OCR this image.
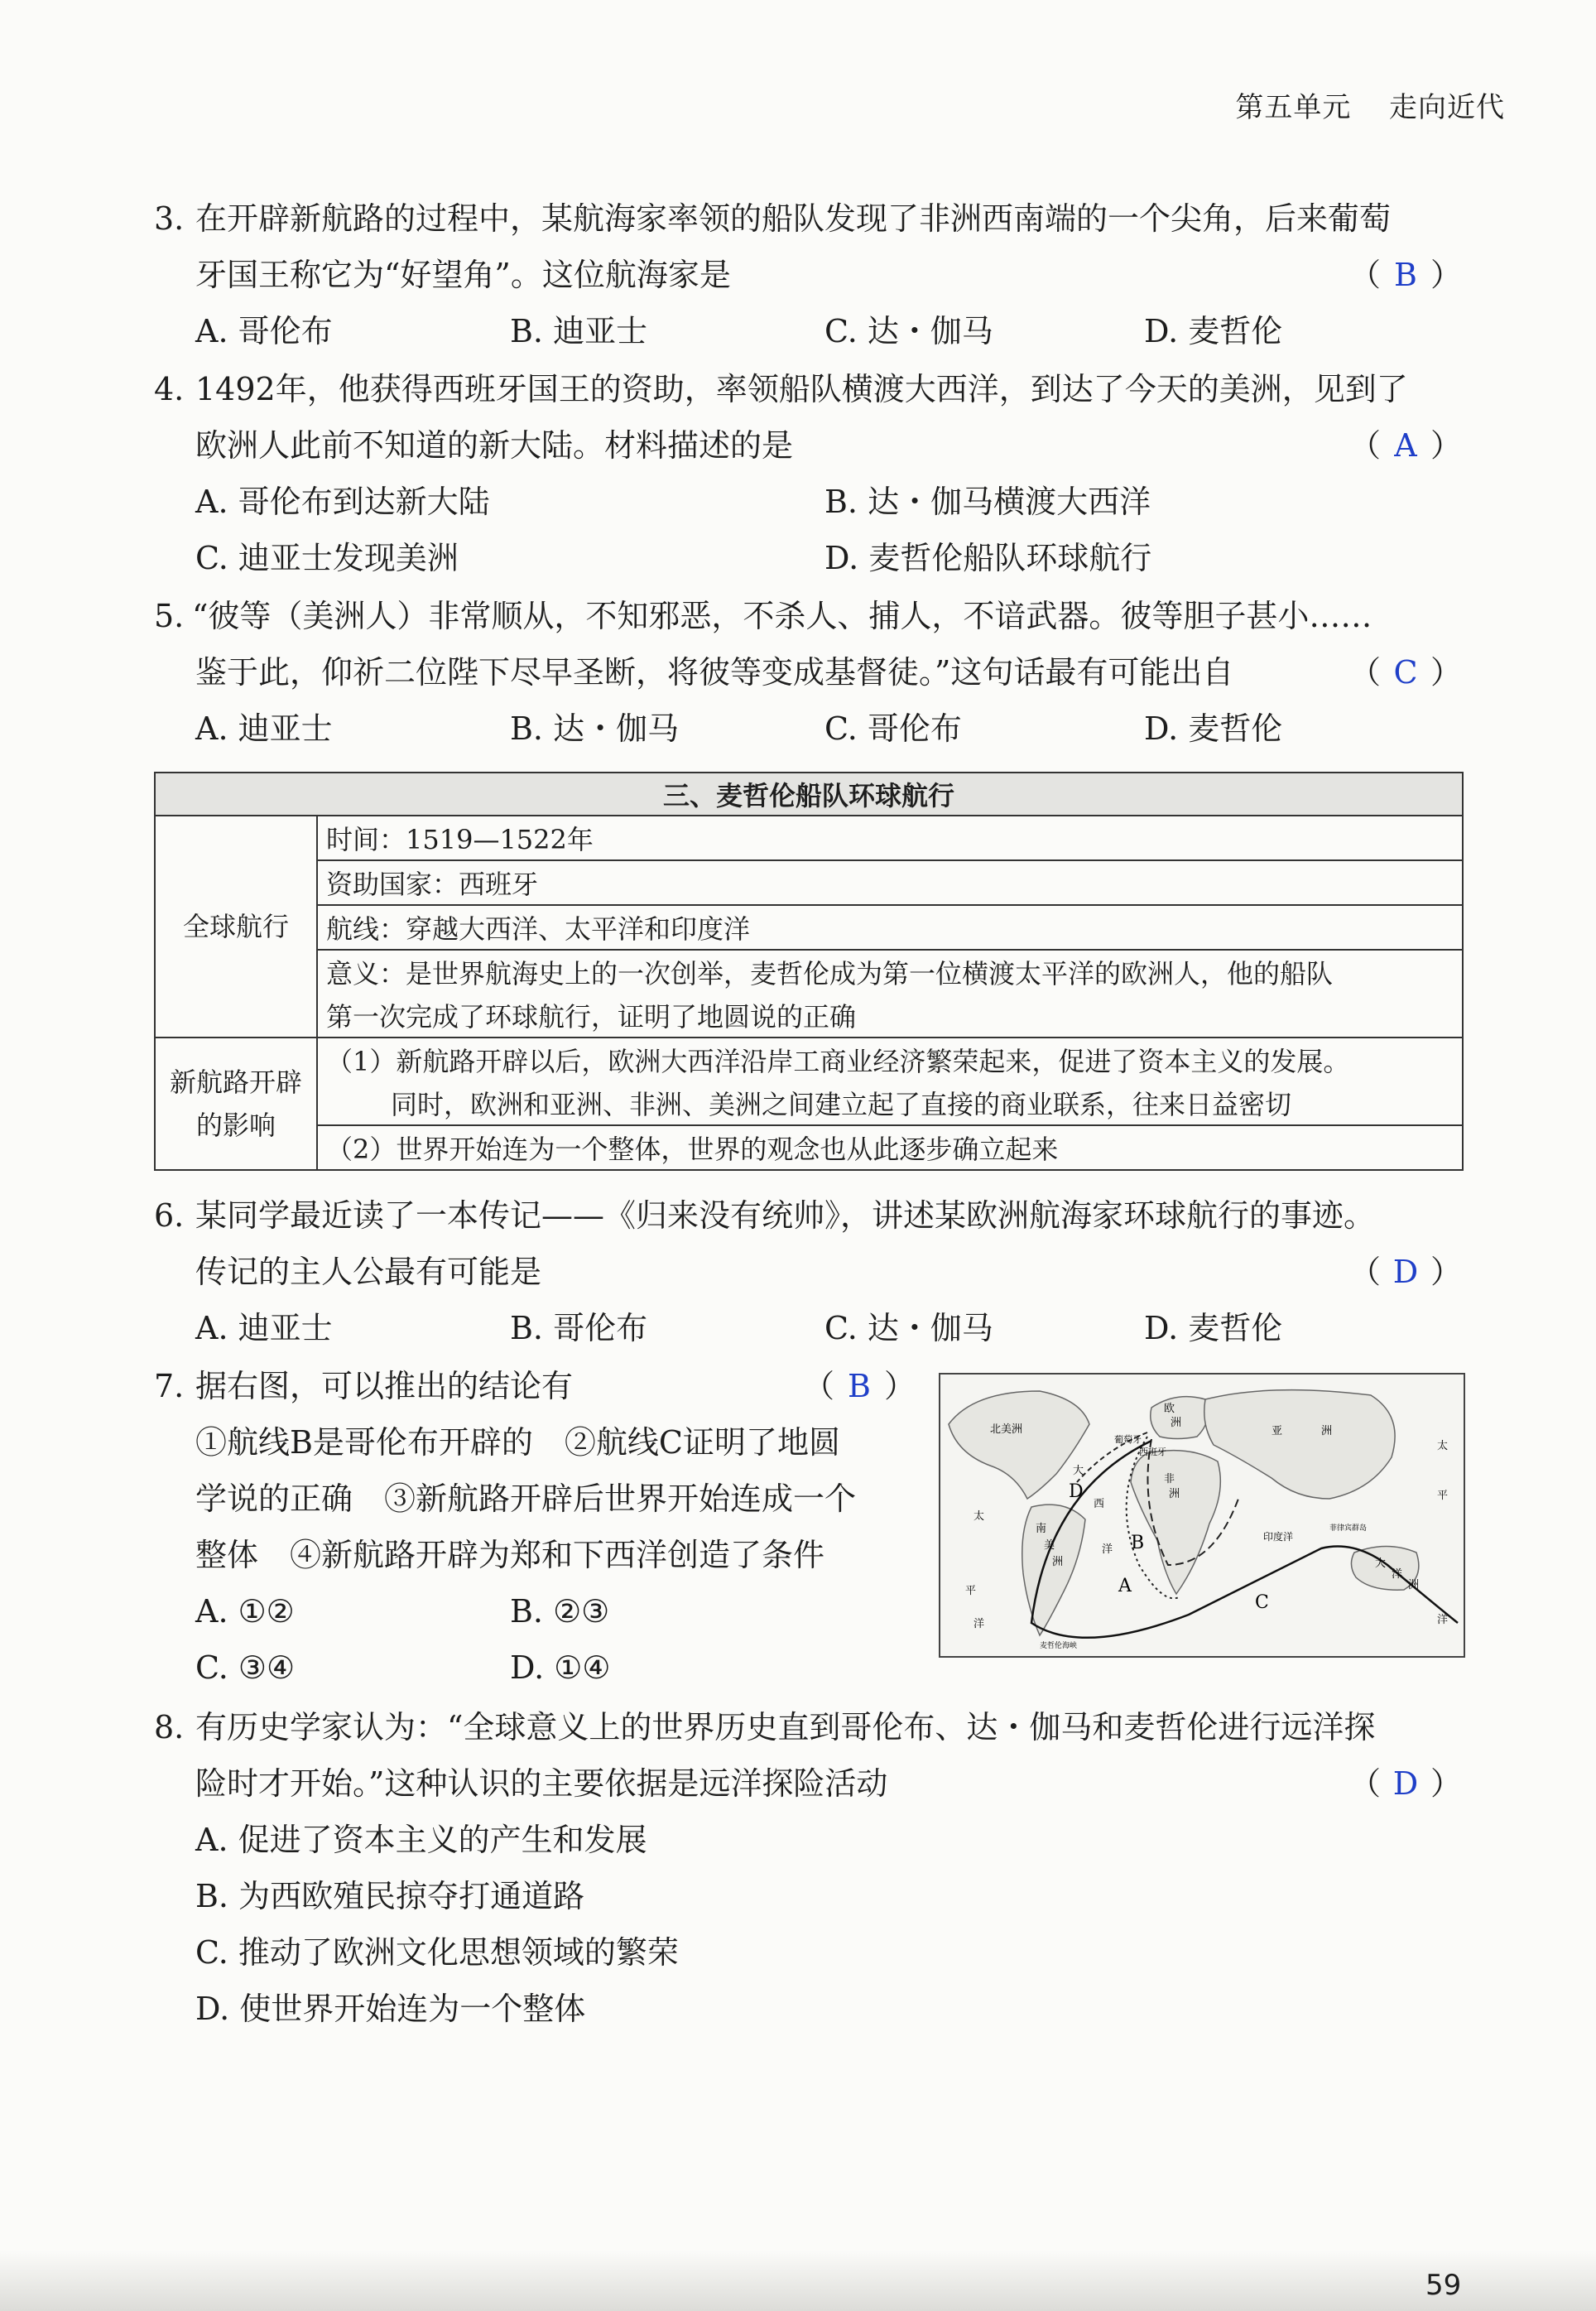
第五单元 走向近代
3. 在开辟新航路的过程中，某航海家率领的船队发现了非洲西南端的一个尖角，后来葡萄
牙国王称它为“好望角”。这位航海家是	（ B ）
A. 哥伦布	B. 迪亚士	C. 达・伽马	D. 麦哲伦
4. 1492年，他获得西班牙国王的资助，率领船队横渡大西洋，到达了今天的美洲，见到了
欧洲人此前不知道的新大陆。材料描述的是	（ A ）
A. 哥伦布到达新大陆	B. 达・伽马横渡大西洋
C. 迪亚士发现美洲	D. 麦哲伦船队环球航行
5. “彼等（美洲人）非常顺从，不知邪恶，不杀人、捕人，不谙武器。彼等胆子甚小……
鉴于此，仰祈二位陛下尽早圣断，将彼等变成基督徒。”这句话最有可能出自	（ C ）
A. 迪亚士	B. 达・伽马	C. 哥伦布	D. 麦哲伦
三、麦哲伦船队环球航行	
全球航行	时间：1519—1522年
	资助国家：西班牙
	航线：穿越大西洋、太平洋和印度洋
	意义：是世界航海史上的一次创举，麦哲伦成为第一位横渡太平洋的欧洲人，他的船队
	第一次完成了环球航行，证明了地圆说的正确

新航路开辟
的影响	（1）新航路开辟以后，欧洲大西洋沿岸工商业经济繁荣起来，促进了资本主义的发展。
	同时，欧洲和亚洲、非洲、美洲之间建立起了直接的商业联系，往来日益密切
	（2）世界开始连为一个整体，世界的观念也从此逐步确立起来
6. 某同学最近读了一本传记——《归来没有统帅》，讲述某欧洲航海家环球航行的事迹。
传记的主人公最有可能是	（ D ）
A. 迪亚士	B. 哥伦布	C. 达・伽马	D. 麦哲伦
7. 据右图，可以推出的结论有	（ B ）
①航线B是哥伦布开辟的　②航线C证明了地圆
学说的正确　③新航路开辟后世界开始连成一个
整体　④新航路开辟为郑和下西洋创造了条件
A. ①②	B. ②③
C. ③④	D. ①④
北美洲
欧
洲
葡萄牙
西班牙
亚	洲
非
洲
南
美
洲	大
洋
洲
太
平
洋
大
西
洋
印度洋
太
平
洋
麦哲伦海峡
菲律宾群岛
A
B
C
D
8. 有历史学家认为：“全球意义上的世界历史直到哥伦布、达・伽马和麦哲伦进行远洋探
险时才开始。”这种认识的主要依据是远洋探险活动	（ D ）
A. 促进了资本主义的产生和发展
B. 为西欧殖民掠夺打通道路
C. 推动了欧洲文化思想领域的繁荣
D. 使世界开始连为一个整体
59
